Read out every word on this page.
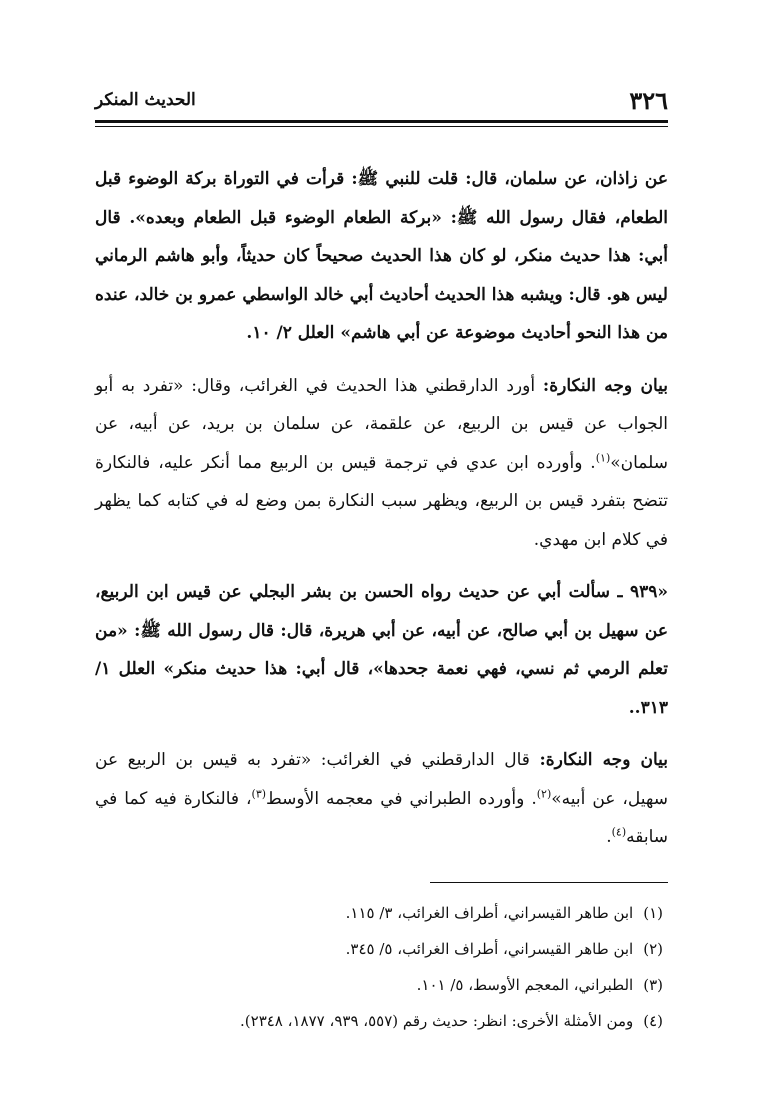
٣٢٦
الحديث المنكر

عن زاذان، عن سلمان، قال: قلت للنبي ﷺ: قرأت في التوراة بركة الوضوء قبل الطعام، فقال رسول الله ﷺ: «بركة الطعام الوضوء قبل الطعام وبعده». قال أبي: هذا حديث منكر، لو كان هذا الحديث صحيحاً كان حديثاً، وأبو هاشم الرماني ليس هو. قال: ويشبه هذا الحديث أحاديث أبي خالد الواسطي عمرو بن خالد، عنده من هذا النحو أحاديث موضوعة عن أبي هاشم» العلل ٢/ ١٠.

بيان وجه النكارة: أورد الدارقطني هذا الحديث في الغرائب، وقال: «تفرد به أبو الجواب عن قيس بن الربيع، عن علقمة، عن سلمان بن بريد، عن أبيه، عن سلمان»$^{(١)}$. وأورده ابن عدي في ترجمة قيس بن الربيع مما أنكر عليه، فالنكارة تتضح بتفرد قيس بن الربيع، ويظهر سبب النكارة بمن وضع له في كتابه كما يظهر في كلام ابن مهدي.

«٩٣٩ ـ سألت أبي عن حديث رواه الحسن بن بشر البجلي عن قيس ابن الربيع، عن سهيل بن أبي صالح، عن أبيه، عن أبي هريرة، قال: قال رسول الله ﷺ: «من تعلم الرمي ثم نسي، فهي نعمة جحدها»، قال أبي: هذا حديث منكر» العلل ١/ ٣١٣..

بيان وجه النكارة: قال الدارقطني في الغرائب: «تفرد به قيس بن الربيع عن سهيل، عن أبيه»$^{(٢)}$. وأورده الطبراني في معجمه الأوسط$^{(٣)}$، فالنكارة فيه كما في سابقه$^{(٤)}$.

(١)ابن طاهر القيسراني، أطراف الغرائب، ٣/ ١١٥.

(٢)ابن طاهر القيسراني، أطراف الغرائب، ٥/ ٣٤٥.

(٣)الطبراني، المعجم الأوسط، ٥/ ١٠١.

(٤)ومن الأمثلة الأخرى: انظر: حديث رقم (٥٥٧، ٩٣٩، ١٨٧٧، ٢٣٤٨).
